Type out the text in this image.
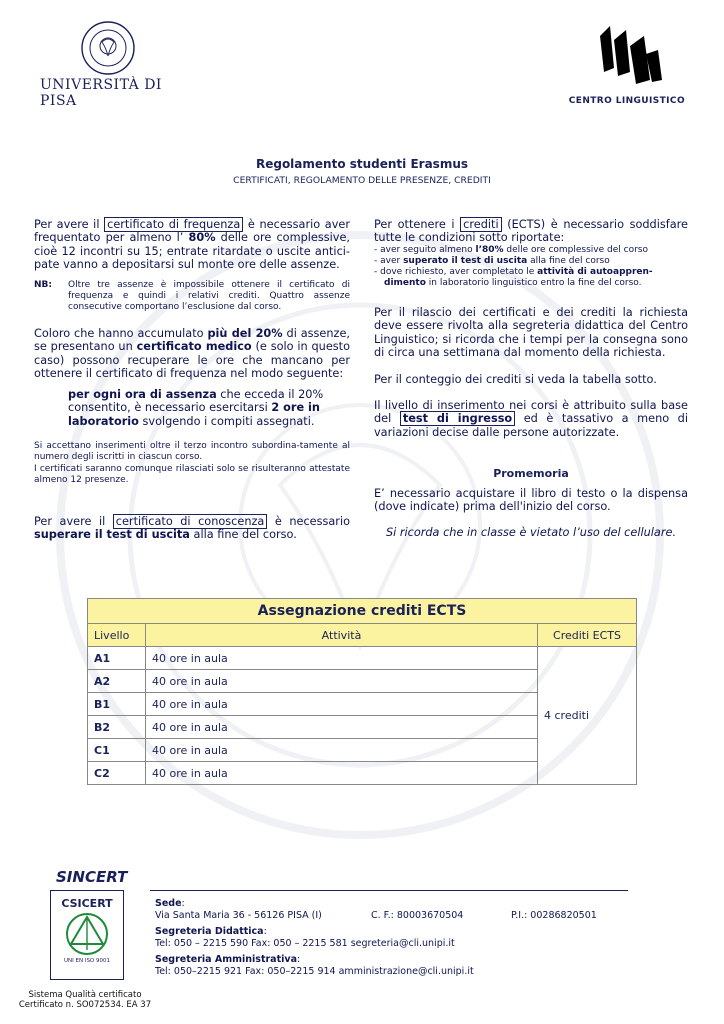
UNIVERSITÀ DI PISA	CENTRO LINGUISTICO
Regolamento studenti Erasmus
CERTIFICATI, REGOLAMENTO DELLE PRESENZE, CREDITI
Per avere il certificato di frequenza è necessario aver frequentato per almeno l’ 80% delle ore complessive, cioè 12 incontri su 15; entrate ritardate o uscite antici-pate vanno a depositarsi sul monte ore delle assenze.
NB: Oltre tre assenze è impossibile ottenere il certificato di frequenza e quindi i relativi crediti. Quattro assenze consecutive comportano l’esclusione dal corso.
Coloro che hanno accumulato più del 20% di assenze, se presentano un certificato medico (e solo in questo caso) possono recuperare le ore che mancano per ottenere il certificato di frequenza nel modo seguente:
per ogni ora di assenza che ecceda il 20% consentito, è necessario esercitarsi 2 ore in laboratorio svolgendo i compiti assegnati.
Si accettano inserimenti oltre il terzo incontro subordina-tamente al numero degli iscritti in ciascun corso.
I certificati saranno comunque rilasciati solo se risulteranno attestate almeno 12 presenze.
Per avere il certificato di conoscenza è necessario superare il test di uscita alla fine del corso.
Per ottenere i crediti (ECTS) è necessario soddisfare tutte le condizioni sotto riportate:
- aver seguito almeno l’80% delle ore complessive del corso
- aver superato il test di uscita alla fine del corso
- dove richiesto, aver completato le attività di autoappren-dimento in laboratorio linguistico entro la fine del corso.
Per il rilascio dei certificati e dei crediti la richiesta deve essere rivolta alla segreteria didattica del Centro Linguistico; si ricorda che i tempi per la consegna sono di circa una settimana dal momento della richiesta.
Per il conteggio dei crediti si veda la tabella sotto.
Il livello di inserimento nei corsi è attribuito sulla base del test di ingresso ed è tassativo a meno di variazioni decise dalle persone autorizzate.
Promemoria
E’ necessario acquistare il libro di testo o la dispensa (dove indicate) prima dell'inizio del corso.
Si ricorda che in classe è vietato l’uso del cellulare.
Assegnazione crediti ECTS		
Livello	Attività	Crediti ECTS
A1	40 ore in aula	4 crediti
A2	40 ore in aula	
B1	40 ore in aula	
B2	40 ore in aula	
C1	40 ore in aula	
C2	40 ore in aula	
SINCERT
CSICERT
UNI EN ISO 9001
Sistema Qualità certificato
Certificato n. SO072534. EA 37
Sede:
Via Santa Maria 36 - 56126 PISA (I)	C. F.: 80003670504	P.I.: 00286820501
Segreteria Didattica:
Tel: 050 – 2215 590 Fax: 050 – 2215 581 segreteria@cli.unipi.it
Segreteria Amministrativa:
Tel: 050–2215 921 Fax: 050–2215 914 amministrazione@cli.unipi.it
